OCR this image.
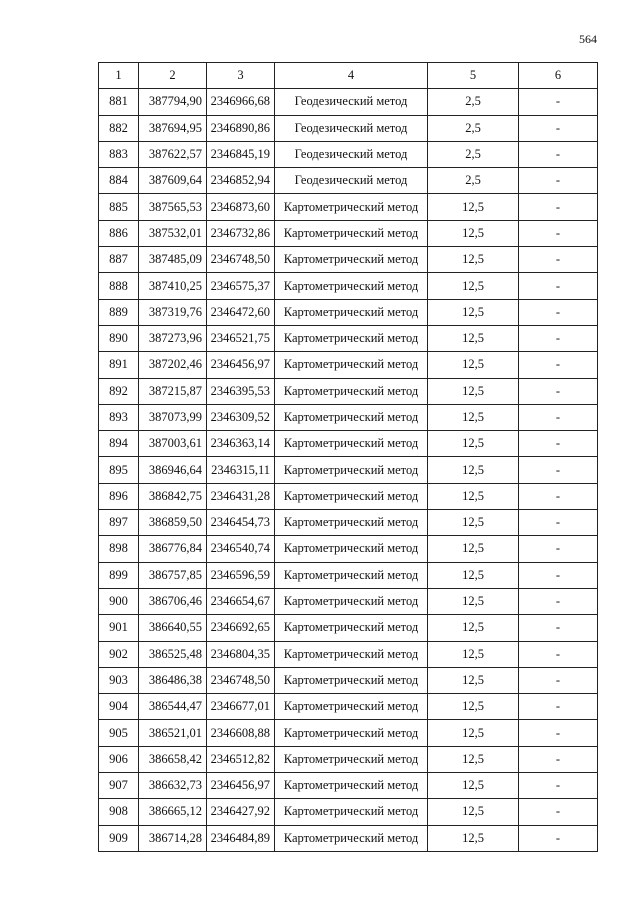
564
1	2	3	4	5	6
881	387794,90	2346966,68	Геодезический метод	2,5	-
882	387694,95	2346890,86	Геодезический метод	2,5	-
883	387622,57	2346845,19	Геодезический метод	2,5	-
884	387609,64	2346852,94	Геодезический метод	2,5	-
885	387565,53	2346873,60	Картометрический метод	12,5	-
886	387532,01	2346732,86	Картометрический метод	12,5	-
887	387485,09	2346748,50	Картометрический метод	12,5	-
888	387410,25	2346575,37	Картометрический метод	12,5	-
889	387319,76	2346472,60	Картометрический метод	12,5	-
890	387273,96	2346521,75	Картометрический метод	12,5	-
891	387202,46	2346456,97	Картометрический метод	12,5	-
892	387215,87	2346395,53	Картометрический метод	12,5	-
893	387073,99	2346309,52	Картометрический метод	12,5	-
894	387003,61	2346363,14	Картометрический метод	12,5	-
895	386946,64	2346315,11	Картометрический метод	12,5	-
896	386842,75	2346431,28	Картометрический метод	12,5	-
897	386859,50	2346454,73	Картометрический метод	12,5	-
898	386776,84	2346540,74	Картометрический метод	12,5	-
899	386757,85	2346596,59	Картометрический метод	12,5	-
900	386706,46	2346654,67	Картометрический метод	12,5	-
901	386640,55	2346692,65	Картометрический метод	12,5	-
902	386525,48	2346804,35	Картометрический метод	12,5	-
903	386486,38	2346748,50	Картометрический метод	12,5	-
904	386544,47	2346677,01	Картометрический метод	12,5	-
905	386521,01	2346608,88	Картометрический метод	12,5	-
906	386658,42	2346512,82	Картометрический метод	12,5	-
907	386632,73	2346456,97	Картометрический метод	12,5	-
908	386665,12	2346427,92	Картометрический метод	12,5	-
909	386714,28	2346484,89	Картометрический метод	12,5	-
